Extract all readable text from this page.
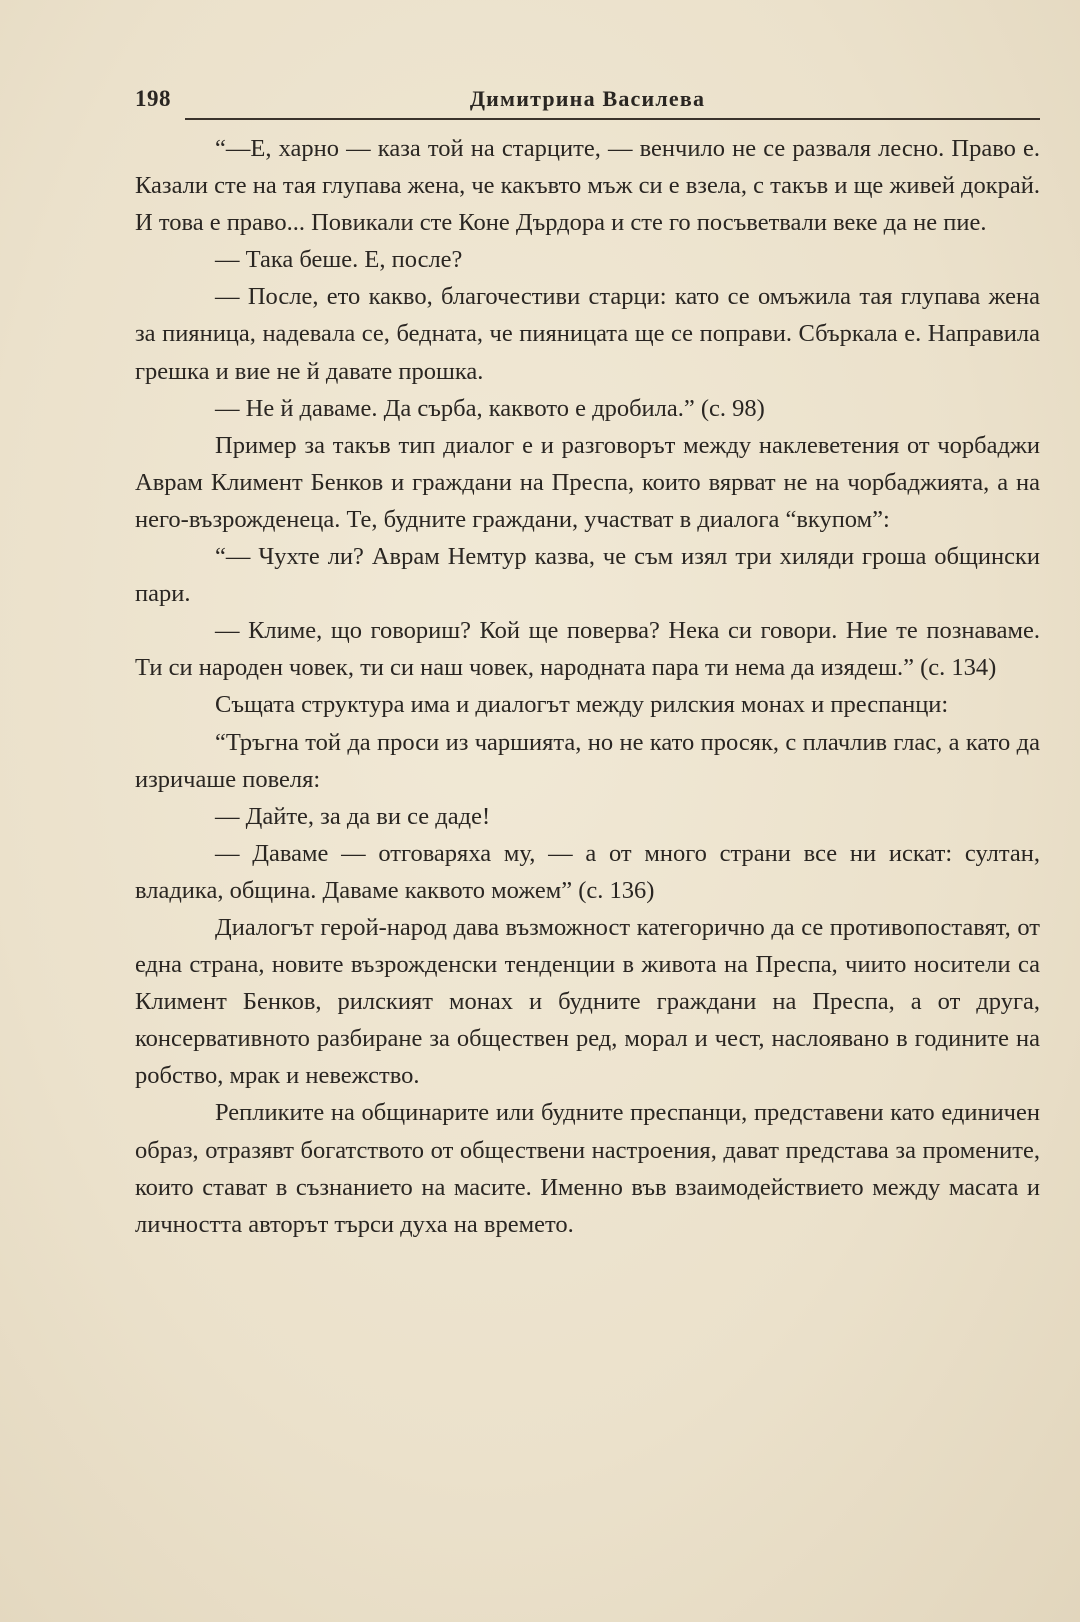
198	Димитрина Василева

“—Е, харно — каза той на старците, — венчило не се разваля лесно. Право е. Казали сте на тая глупава жена, че какъвто мъж си е взела, с такъв и ще живей докрай. И това е право... Повикали сте Коне Дърдора и сте го посъветвали веке да не пие.

— Така беше. Е, после?

— После, ето какво, благочестиви старци: като се омъжила тая глупава жена за пияница, надевала се, бедната, че пияницата ще се поправи. Сбъркала е. Направила грешка и вие не й давате прошка.

— Не й даваме. Да сърба, каквото е дробила.” (с. 98)

Пример за такъв тип диалог е и разговорът между наклеветения от чорбаджи Аврам Климент Бенков и граждани на Преспа, които вярват не на чорбаджията, а на него-възрожденеца. Те, будните граждани, участват в диалога “вкупом”:

“— Чухте ли? Аврам Немтур казва, че съм изял три хиляди гроша общински пари.

— Климе, що говориш? Кой ще поверва? Нека си говори. Ние те познаваме. Ти си народен човек, ти си наш човек, народната пара ти нема да изядеш.” (с. 134)

Същата структура има и диалогът между рилския монах и преспанци:

“Тръгна той да проси из чаршията, но не като просяк, с плачлив глас, а като да изричаше повеля:

— Дайте, за да ви се даде!

— Даваме — отговаряха му, — а от много страни все ни искат: султан, владика, община. Даваме каквото можем” (с. 136)

Диалогът герой-народ дава възможност категорично да се противопоставят, от една страна, новите възрожденски тенденции в живота на Преспа, чиито носители са Климент Бенков, рилският монах и будните граждани на Преспа, а от друга, консервативното разбиране за обществен ред, морал и чест, наслоявано в годините на робство, мрак и невежство.

Репликите на общинарите или будните преспанци, представени като единичен образ, отразявт богатството от обществени настроения, дават представа за промените, които стават в съзнанието на масите. Именно във взаимодействието между масата и личността авторът търси духа на времето.
